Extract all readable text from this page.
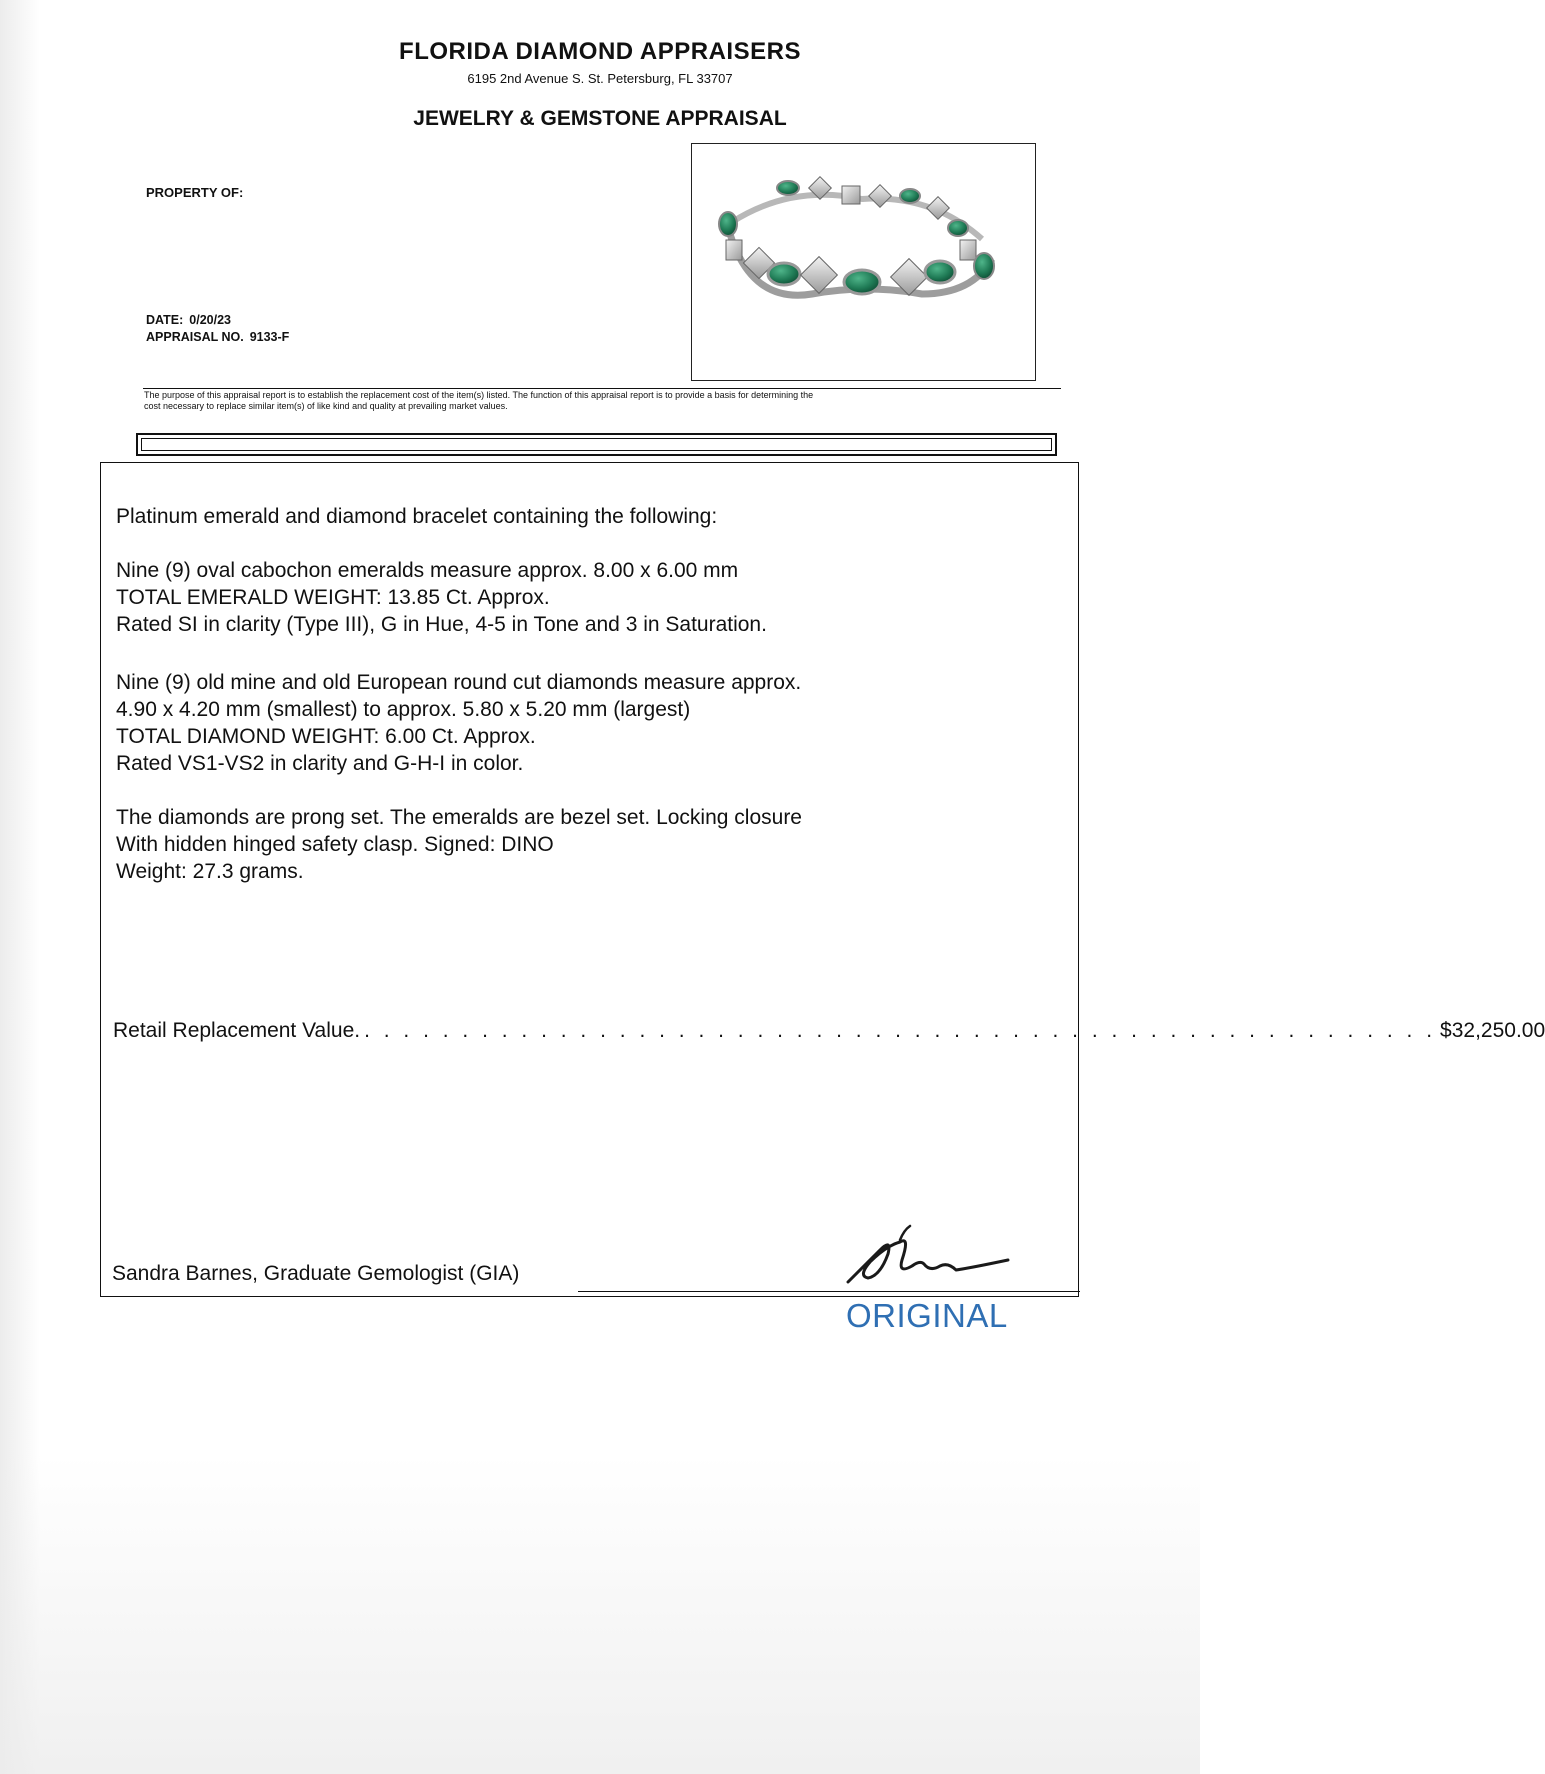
FLORIDA DIAMOND APPRAISERS
6195 2nd Avenue S. St. Petersburg, FL 33707
JEWELRY & GEMSTONE APPRAISAL
PROPERTY OF:
DATE: 0/20/23
APPRAISAL NO. 9133-F
The purpose of this appraisal report is to establish the replacement cost of the item(s) listed. The function of this appraisal report is to provide a basis for determining the
cost necessary to replace similar item(s) of like kind and quality at prevailing market values.
Platinum emerald and diamond bracelet containing the following:
Nine (9) oval cabochon emeralds measure approx. 8.00 x 6.00 mm
TOTAL EMERALD WEIGHT: 13.85 Ct. Approx.
Rated SI in clarity (Type III), G in Hue, 4-5 in Tone and 3 in Saturation.
Nine (9) old mine and old European round cut diamonds measure approx.
4.90 x 4.20 mm (smallest) to approx. 5.80 x 5.20 mm (largest)
TOTAL DIAMOND WEIGHT: 6.00 Ct. Approx.
Rated VS1-VS2 in clarity and G-H-I in color.
The diamonds are prong set. The emeralds are bezel set. Locking closure
With hidden hinged safety clasp. Signed: DINO
Weight: 27.3 grams.
Retail Replacement Value. . . . . . . . . . . . . . . . . . . . . . . . . . . . . . . . . . . . . . . . . . . . . . . . . . . . . . . . $32,250.00
Sandra Barnes, Graduate Gemologist (GIA)
ORIGINAL
